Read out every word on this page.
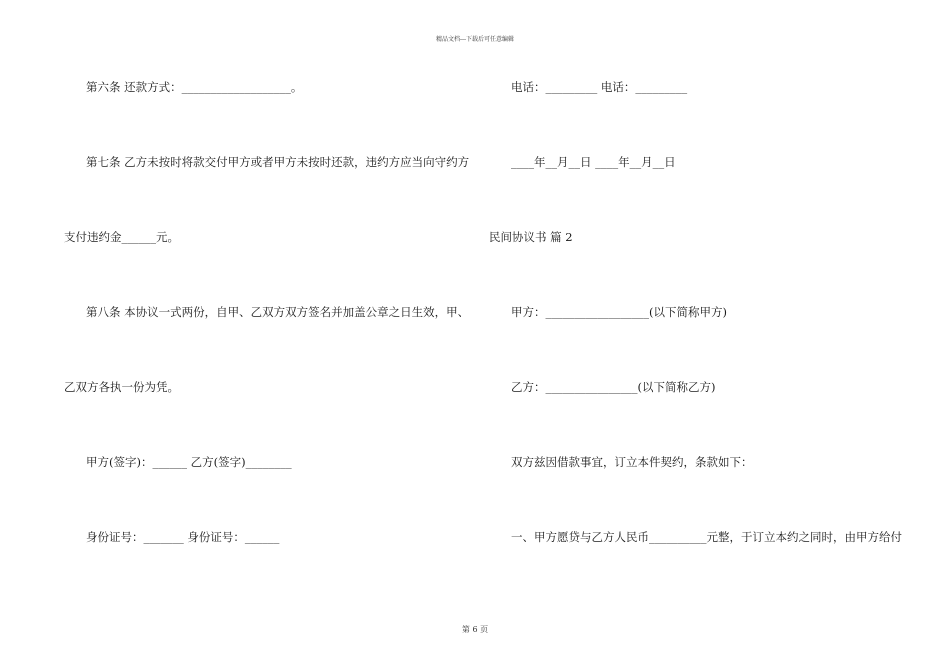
精品文档---下载后可任意编辑
第六条 还款方式：___________________。
第七条 乙方未按时将款交付甲方或者甲方未按时还款，违约方应当向守约方
支付违约金______元。
第八条 本协议一式两份，自甲、乙双方双方签名并加盖公章之日生效，甲、
乙双方各执一份为凭。
甲方(签字)：______ 乙方(签字)________
身份证号：_______ 身份证号：______
电话：_________ 电话：_________
____年__月__日 ____年__月__日
民间协议书 篇 2
甲方：__________________(以下简称甲方)
乙方：________________(以下简称乙方)
双方兹因借款事宜，订立本件契约，条款如下：
一、甲方愿贷与乙方人民币__________元整，于订立本约之同时，由甲方给付
第 6 页
